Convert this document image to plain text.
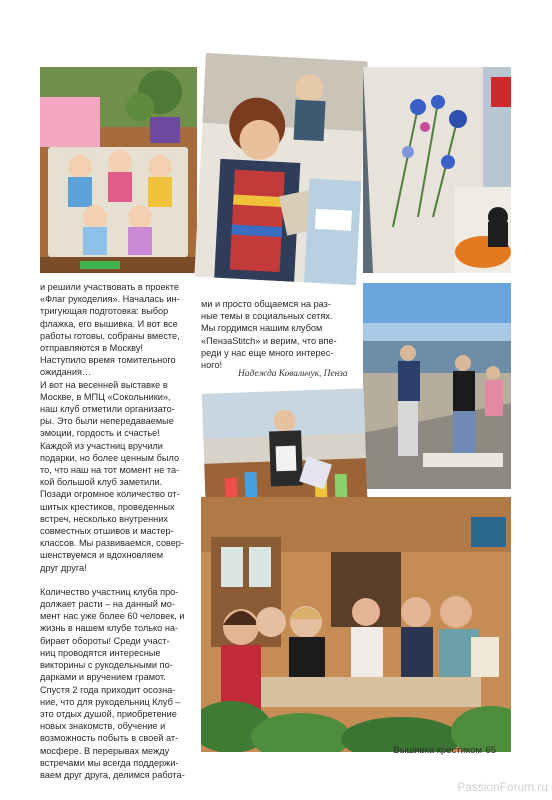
и решили участвовать в проекте
«Флаг рукоделия». Началась ин-
тригующая подготовка: выбор
флажка, его вышивка. И вот все
работы готовы, собраны вместе,
отправляются в Москву!
Наступило время томительного
ожидания…
И вот на весенней выставке в
Москве, в МПЦ «Сокольники»,
наш клуб отметили организато-
ры. Это были непередаваемые
эмоции, гордость и счастье!
Каждой из участниц вручили
подарки, но более ценным было
то, что наш на тот момент не та-
кой большой клуб заметили.
Позади огромное количество от-
шитых крестиков, проведенных
встреч, несколько внутренних
совместных отшивов и мастер-
классов. Мы развиваемся, совер-
шенствуемся и вдохновляем
друг друга!

Количество участниц клуба про-
должает расти – на данный мо-
мент нас уже более 60 человек, и
жизнь в нашем клубе только на-
бирает обороты! Среди участ-
ниц проводятся интересные
викторины с рукодельными по-
дарками и вручением грамот.
Спустя 2 года приходит осозна-
ние, что для рукодельниц Клуб –
это отдых душой, приобретение
новых знакомств, обучение и
возможность побыть в своей ат-
мосфере. В перерывах между
встречами мы всегда поддержи-
ваем друг друга, делимся работа-

ми и просто общаемся на раз-
ные темы в социальных сетях.
Мы гордимся нашим клубом
«ПензаStitch» и верим, что впе-
реди у нас еще много интерес-
ного!

Надежда Ковальчук, Пенза
Вышивка крестиком 65
PassionForum.ru
